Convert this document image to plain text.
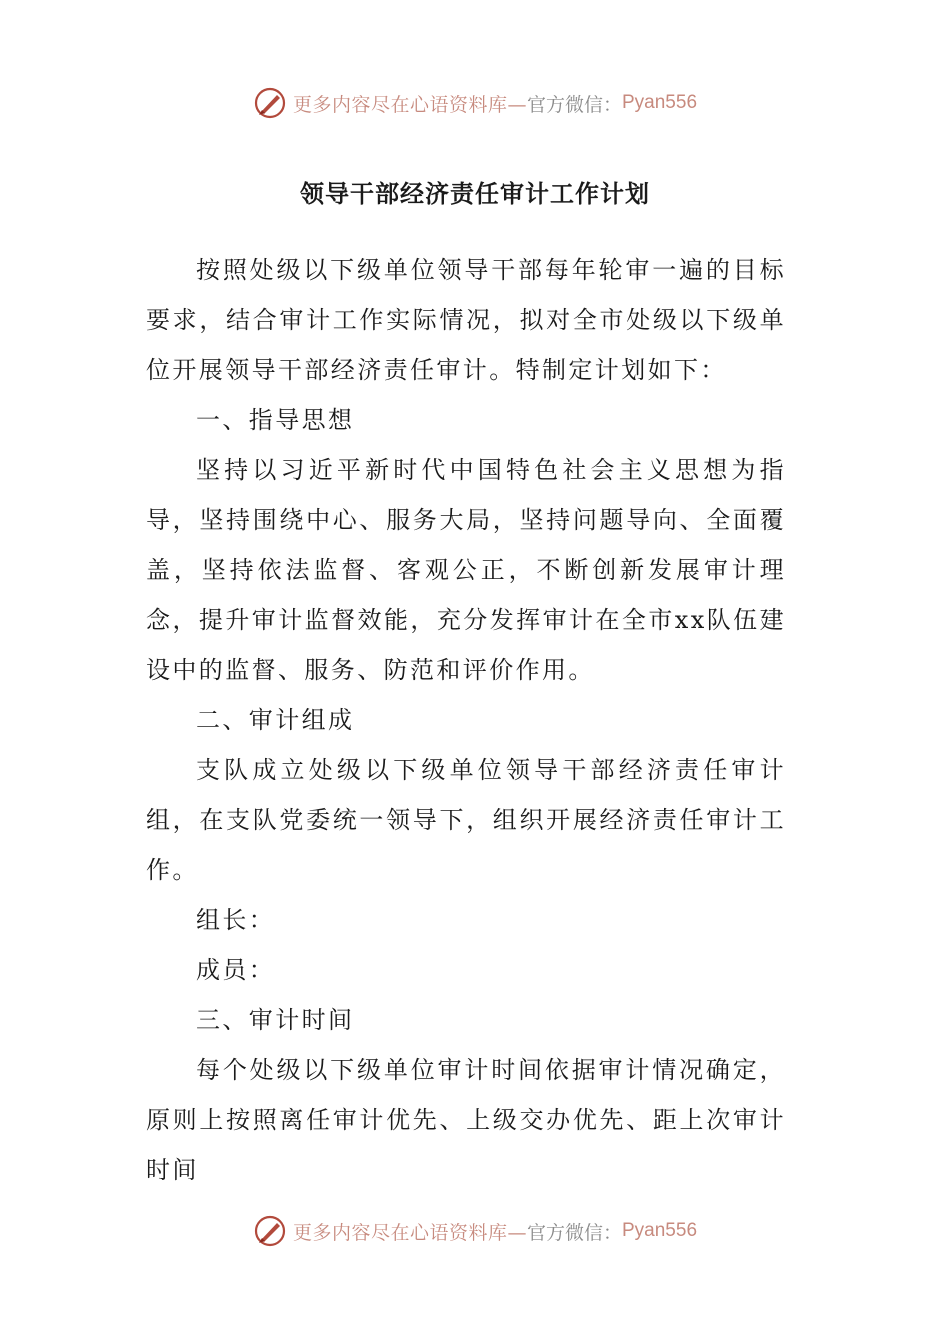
更多内容尽在心语资料库— 官方微信： Pyan556
领导干部经济责任审计工作计划

按照处级以下级单位领导干部每年轮审一遍的目标要求，结合审计工作实际情况，拟对全市处级以下级单位开展领导干部经济责任审计。特制定计划如下：

一、指导思想

坚持以习近平新时代中国特色社会主义思想为指导，坚持围绕中心、服务大局，坚持问题导向、全面覆盖，坚持依法监督、客观公正，不断创新发展审计理念，提升审计监督效能，充分发挥审计在全市xx队伍建设中的监督、服务、防范和评价作用。

二、审计组成

支队成立处级以下级单位领导干部经济责任审计组，在支队党委统一领导下，组织开展经济责任审计工作。

组长：

成员：

三、审计时间

每个处级以下级单位审计时间依据审计情况确定，原则上按照离任审计优先、上级交办优先、距上次审计时间

更多内容尽在心语资料库— 官方微信： Pyan556
